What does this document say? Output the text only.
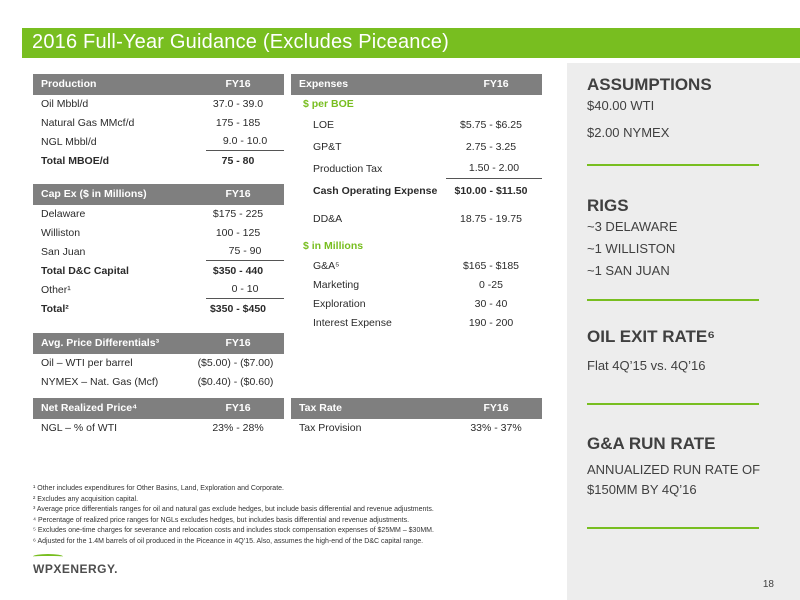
2016 Full-Year Guidance (Excludes Piceance)
Production	FY16
Oil Mbbl/d	37.0 - 39.0
Natural Gas MMcf/d	175 - 185
NGL Mbbl/d	9.0 - 10.0
Total MBOE/d	75 - 80
Cap Ex ($ in Millions)	FY16
Delaware	$175 - 225
Williston	100 - 125
San Juan	75 - 90
Total D&C Capital	$350 - 440
Other¹	0 - 10
Total²	$350 - $450
Avg. Price Differentials³	FY16
Oil – WTI per barrel	($5.00) - ($7.00)
NYMEX – Nat. Gas (Mcf)	($0.40) - ($0.60)
Net Realized Price⁴	FY16
NGL – % of WTI	23% - 28%
Expenses	FY16
$ per BOE
LOE	$5.75 - $6.25
GP&T	2.75 - 3.25
Production Tax	1.50 - 2.00
Cash Operating Expense	$10.00 - $11.50
DD&A	18.75 - 19.75
$ in Millions
G&A⁵	$165 - $185
Marketing	0 -25
Exploration	30 - 40
Interest Expense	190 - 200
Tax Rate	FY16
Tax Provision	33% - 37%
ASSUMPTIONS
$40.00 WTI
$2.00 NYMEX
RIGS
~3 DELAWARE
~1 WILLISTON
~1 SAN JUAN
OIL EXIT RATE⁶
Flat 4Q’15 vs. 4Q’16
G&A RUN RATE
ANNUALIZED RUN RATE OF
$150MM BY 4Q’16
18
¹ Other includes expenditures for Other Basins, Land, Exploration and Corporate.
² Excludes any acquisition capital.
³ Average price differentials ranges for oil and natural gas exclude hedges, but include basis differential and revenue adjustments.
⁴ Percentage of realized price ranges for NGLs excludes hedges, but includes basis differential and revenue adjustments.
⁵ Excludes one-time charges for severance and relocation costs and includes stock compensation expenses of $25MM – $30MM.
⁶ Adjusted for the 1.4M barrels of oil produced in the Piceance in 4Q’15. Also, assumes the high-end of the D&C capital range.
WPXENERGY.
